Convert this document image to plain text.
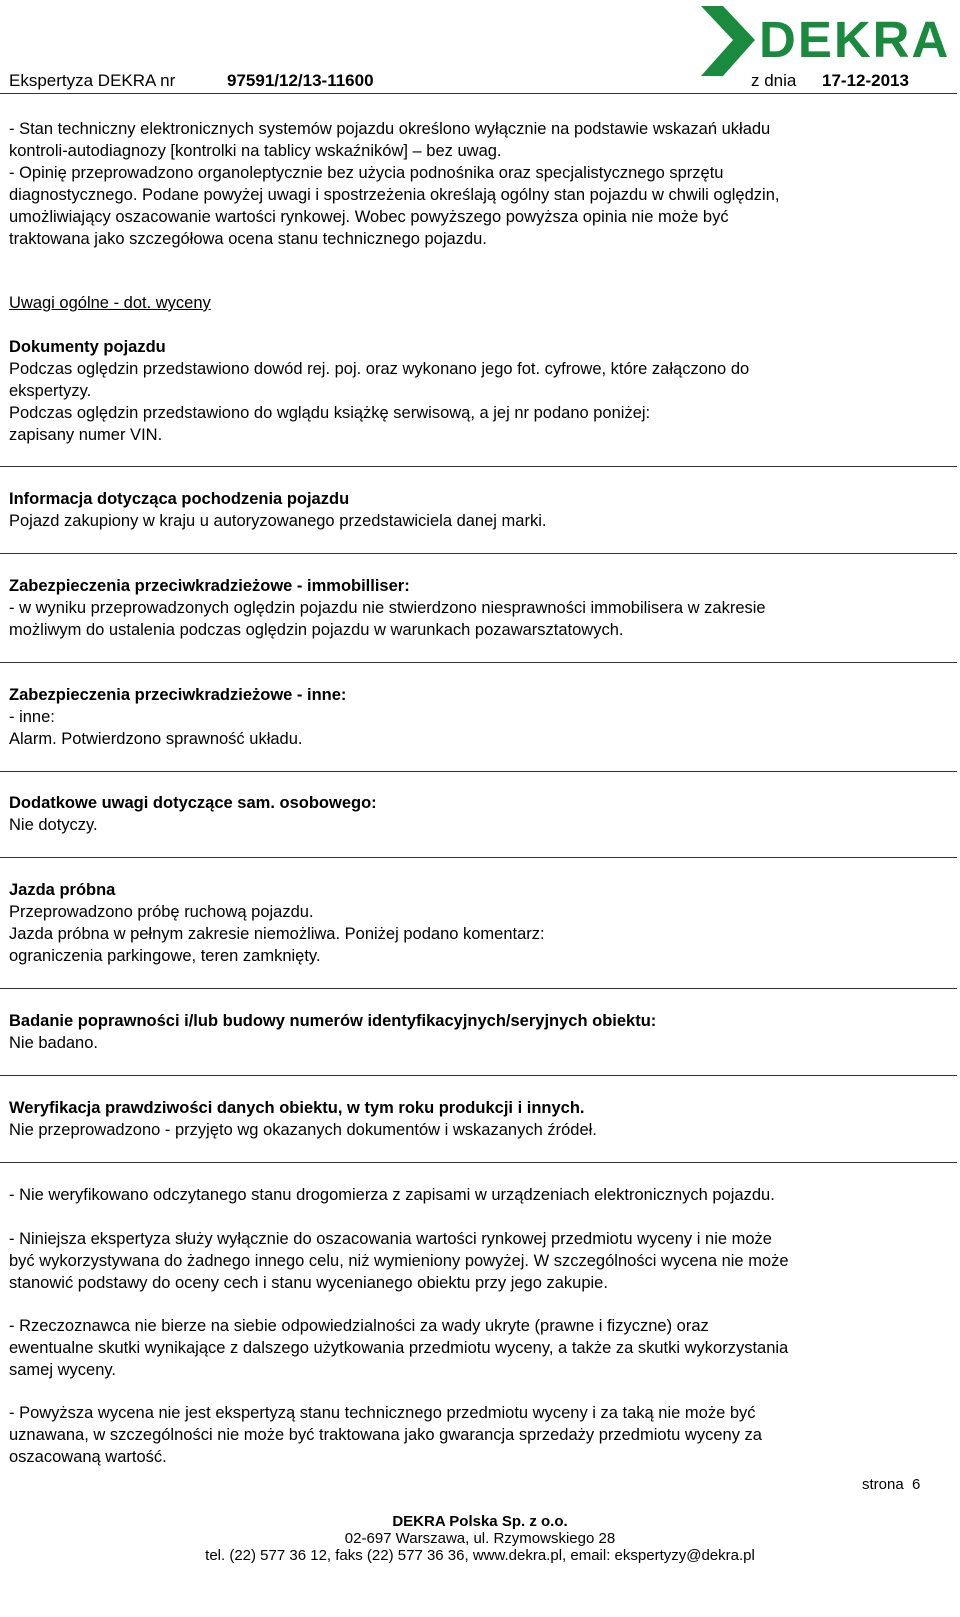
DEKRA
Ekspertyza DEKRA nr	97591/12/13-11600	z dnia 17-12-2013
- Stan techniczny elektronicznych systemów pojazdu określono wyłącznie na podstawie wskazań układu
kontroli-autodiagnozy [kontrolki na tablicy wskaźników] – bez uwag.
- Opinię przeprowadzono organoleptycznie bez użycia podnośnika oraz specjalistycznego sprzętu
diagnostycznego. Podane powyżej uwagi i spostrzeżenia określają ogólny stan pojazdu w chwili oględzin,
umożliwiający oszacowanie wartości rynkowej. Wobec powyższego powyższa opinia nie może być
traktowana jako szczegółowa ocena stanu technicznego pojazdu.
Uwagi ogólne - dot. wyceny
Dokumenty pojazdu
Podczas oględzin przedstawiono dowód rej. poj. oraz wykonano jego fot. cyfrowe, które załączono do
ekspertyzy.
Podczas oględzin przedstawiono do wglądu książkę serwisową, a jej nr podano poniżej:
zapisany numer VIN.
Informacja dotycząca pochodzenia pojazdu
Pojazd zakupiony w kraju u autoryzowanego przedstawiciela danej marki.
Zabezpieczenia przeciwkradzieżowe - immobilliser:
- w wyniku przeprowadzonych oględzin pojazdu nie stwierdzono niesprawności immobilisera w zakresie
możliwym do ustalenia podczas oględzin pojazdu w warunkach pozawarsztatowych.
Zabezpieczenia przeciwkradzieżowe - inne:
- inne:
Alarm. Potwierdzono sprawność układu.
Dodatkowe uwagi dotyczące sam. osobowego:
Nie dotyczy.
Jazda próbna
Przeprowadzono próbę ruchową pojazdu.
Jazda próbna w pełnym zakresie niemożliwa. Poniżej podano komentarz:
ograniczenia parkingowe, teren zamknięty.
Badanie poprawności i/lub budowy numerów identyfikacyjnych/seryjnych obiektu:
Nie badano.
Weryfikacja prawdziwości danych obiektu, w tym roku produkcji i innych.
Nie przeprowadzono - przyjęto wg okazanych dokumentów i wskazanych źródeł.
- Nie weryfikowano odczytanego stanu drogomierza z zapisami w urządzeniach elektronicznych pojazdu.
- Niniejsza ekspertyza służy wyłącznie do oszacowania wartości rynkowej przedmiotu wyceny i nie może
być wykorzystywana do żadnego innego celu, niż wymieniony powyżej. W szczególności wycena nie może
stanowić podstawy do oceny cech i stanu wycenianego obiektu przy jego zakupie.
- Rzeczoznawca nie bierze na siebie odpowiedzialności za wady ukryte (prawne i fizyczne) oraz
ewentualne skutki wynikające z dalszego użytkowania przedmiotu wyceny, a także za skutki wykorzystania
samej wyceny.
- Powyższa wycena nie jest ekspertyzą stanu technicznego przedmiotu wyceny i za taką nie może być
uznawana, w szczególności nie może być traktowana jako gwarancja sprzedaży przedmiotu wyceny za
oszacowaną wartość.
strona 6
DEKRA Polska Sp. z o.o.
02-697 Warszawa, ul. Rzymowskiego 28
tel. (22) 577 36 12, faks (22) 577 36 36, www.dekra.pl, email: ekspertyzy@dekra.pl
